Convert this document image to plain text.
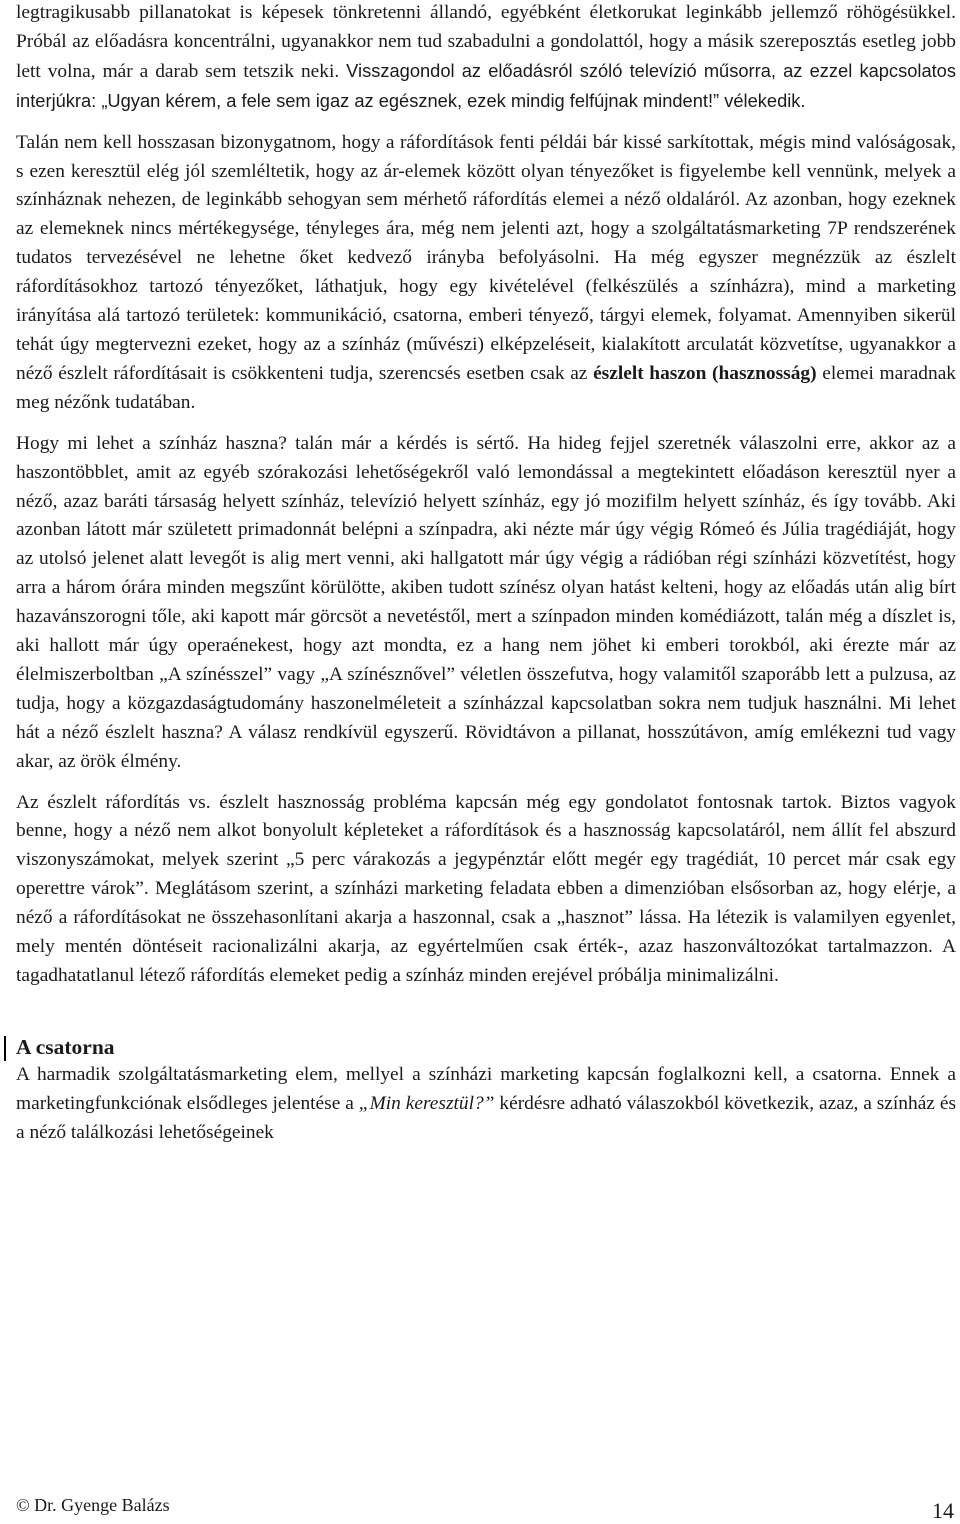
legtragikusabb pillanatokat is képesek tönkretenni állandó, egyébként életkorukat leginkább jellemző röhögésükkel. Próbál az előadásra koncentrálni, ugyanakkor nem tud szabadulni a gondolattól, hogy a másik szereposztás esetleg jobb lett volna, már a darab sem tetszik neki. Visszagondol az előadásról szóló televízió műsorra, az ezzel kapcsolatos interjúkra: „Ugyan kérem, a fele sem igaz az egésznek, ezek mindig felfújnak mindent!” vélekedik.

Talán nem kell hosszasan bizonygatnom, hogy a ráfordítások fenti példái bár kissé sarkítottak, mégis mind valóságosak, s ezen keresztül elég jól szemléltetik, hogy az ár-elemek között olyan tényezőket is figyelembe kell vennünk, melyek a színháznak nehezen, de leginkább sehogyan sem mérhető ráfordítás elemei a néző oldaláról. Az azonban, hogy ezeknek az elemeknek nincs mértékegysége, tényleges ára, még nem jelenti azt, hogy a szolgáltatásmarketing 7P rendszerének tudatos tervezésével ne lehetne őket kedvező irányba befolyásolni. Ha még egyszer megnézzük az észlelt ráfordításokhoz tartozó tényezőket, láthatjuk, hogy egy kivételével (felkészülés a színházra), mind a marketing irányítása alá tartozó területek: kommunikáció, csatorna, emberi tényező, tárgyi elemek, folyamat. Amennyiben sikerül tehát úgy megtervezni ezeket, hogy az a színház (művészi) elképzeléseit, kialakított arculatát közvetítse, ugyanakkor a néző észlelt ráfordításait is csökkenteni tudja, szerencsés esetben csak az észlelt haszon (hasznosság) elemei maradnak meg nézőnk tudatában.

Hogy mi lehet a színház haszna? talán már a kérdés is sértő. Ha hideg fejjel szeretnék válaszolni erre, akkor az a haszontöbblet, amit az egyéb szórakozási lehetőségekről való lemondással a megtekintett előadáson keresztül nyer a néző, azaz baráti társaság helyett színház, televízió helyett színház, egy jó mozifilm helyett színház, és így tovább. Aki azonban látott már született primadonnát belépni a színpadra, aki nézte már úgy végig Rómeó és Júlia tragédiáját, hogy az utolsó jelenet alatt levegőt is alig mert venni, aki hallgatott már úgy végig a rádióban régi színházi közvetítést, hogy arra a három órára minden megszűnt körülötte, akiben tudott színész olyan hatást kelteni, hogy az előadás után alig bírt hazavánszorogni tőle, aki kapott már görcsöt a nevetéstől, mert a színpadon minden komédiázott, talán még a díszlet is, aki hallott már úgy operaénekest, hogy azt mondta, ez a hang nem jöhet ki emberi torokból, aki érezte már az élelmiszerboltban „A színésszel” vagy „A színésznővel” véletlen összefutva, hogy valamitől szaporább lett a pulzusa, az tudja, hogy a közgazdaságtudomány haszonelméleteit a színházzal kapcsolatban sokra nem tudjuk használni. Mi lehet hát a néző észlelt haszna? A válasz rendkívül egyszerű. Rövidtávon a pillanat, hosszútávon, amíg emlékezni tud vagy akar, az örök élmény.

Az észlelt ráfordítás vs. észlelt hasznosság probléma kapcsán még egy gondolatot fontosnak tartok. Biztos vagyok benne, hogy a néző nem alkot bonyolult képleteket a ráfordítások és a hasznosság kapcsolatáról, nem állít fel abszurd viszonyszámokat, melyek szerint „5 perc várakozás a jegypénztár előtt megér egy tragédiát, 10 percet már csak egy operettre várok”. Meglátásom szerint, a színházi marketing feladata ebben a dimenzióban elsősorban az, hogy elérje, a néző a ráfordításokat ne összehasonlítani akarja a haszonnal, csak a „hasznot” lássa. Ha létezik is valamilyen egyenlet, mely mentén döntéseit racionalizálni akarja, az egyértelműen csak érték-, azaz haszonváltozókat tartalmazzon. A tagadhatatlanul létező ráfordítás elemeket pedig a színház minden erejével próbálja minimalizálni.

A csatorna

A harmadik szolgáltatásmarketing elem, mellyel a színházi marketing kapcsán foglalkozni kell, a csatorna. Ennek a marketingfunkciónak elsődleges jelentése a „Min keresztül?” kérdésre adható válaszokból következik, azaz, a színház és a néző találkozási lehetőségeinek

© Dr. Gyenge Balázs	14
